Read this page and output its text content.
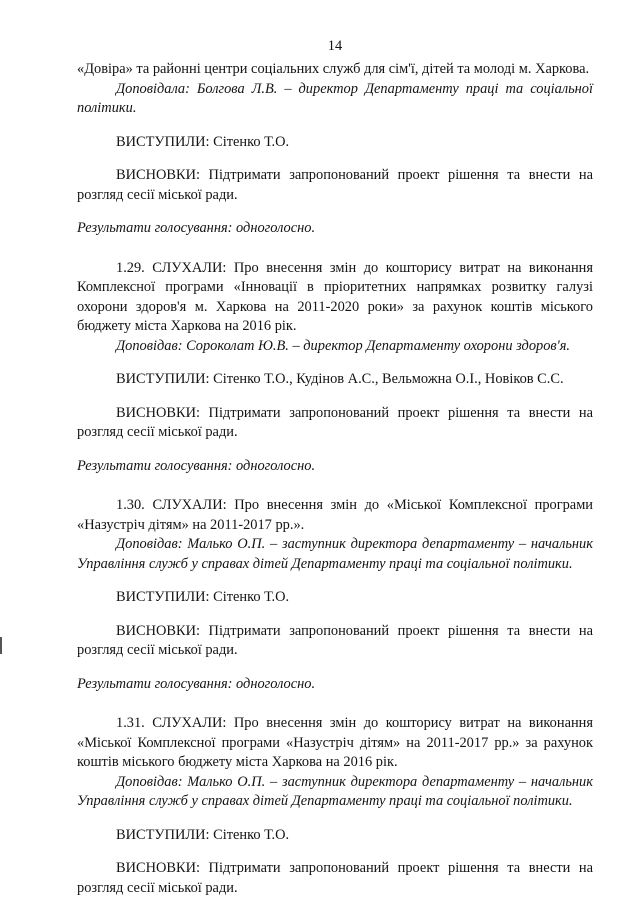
14

«Довіра» та районні центри соціальних служб для сім'ї, дітей та молоді м. Харкова.

Доповідала: Болгова Л.В. – директор Департаменту праці та соціальної політики.

ВИСТУПИЛИ: Сітенко Т.О.

ВИСНОВКИ: Підтримати запропонований проект рішення та внести на розгляд сесії міської ради.

Результати голосування: одноголосно.

1.29. СЛУХАЛИ: Про внесення змін до кошторису витрат на виконання Комплексної програми «Інновації в пріоритетних напрямках розвитку галузі охорони здоров'я м. Харкова на 2011-2020 роки» за рахунок коштів міського бюджету міста Харкова на 2016 рік.

Доповідав: Сороколат Ю.В. – директор Департаменту охорони здоров'я.

ВИСТУПИЛИ: Сітенко Т.О., Кудінов А.С., Вельможна О.І., Новіков С.С.

ВИСНОВКИ: Підтримати запропонований проект рішення та внести на розгляд сесії міської ради.

Результати голосування: одноголосно.

1.30. СЛУХАЛИ: Про внесення змін до «Міської Комплексної програми «Назустріч дітям» на 2011-2017 рр.».

Доповідав: Малько О.П. – заступник директора департаменту – начальник Управління служб у справах дітей Департаменту праці та соціальної політики.

ВИСТУПИЛИ: Сітенко Т.О.

ВИСНОВКИ: Підтримати запропонований проект рішення та внести на розгляд сесії міської ради.

Результати голосування: одноголосно.

1.31. СЛУХАЛИ: Про внесення змін до кошторису витрат на виконання «Міської Комплексної програми «Назустріч дітям» на 2011-2017 рр.» за рахунок коштів міського бюджету міста Харкова на 2016 рік.

Доповідав: Малько О.П. – заступник директора департаменту – начальник Управління служб у справах дітей Департаменту праці та соціальної політики.

ВИСТУПИЛИ: Сітенко Т.О.

ВИСНОВКИ: Підтримати запропонований проект рішення та внести на розгляд сесії міської ради.
